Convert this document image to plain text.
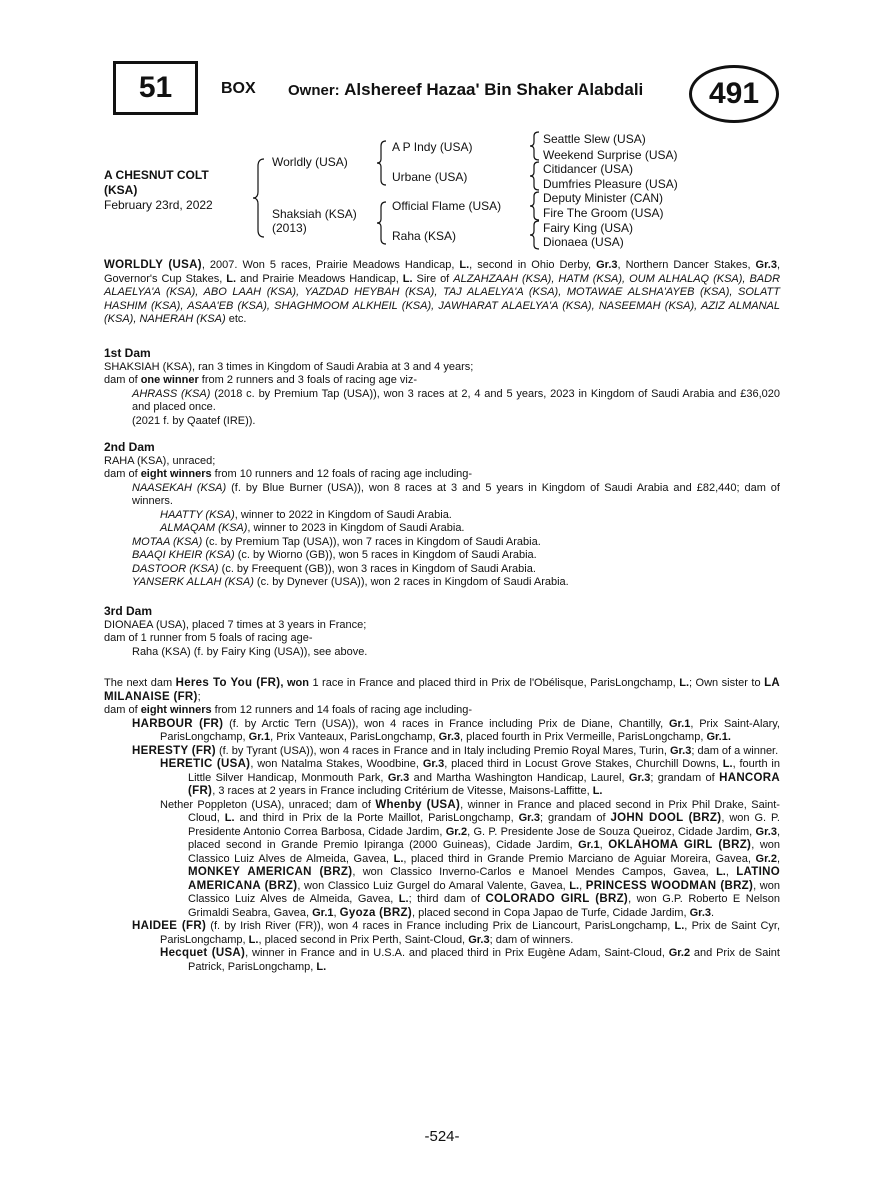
51	BOX Owner: Alshereef Hazaa' Bin Shaker Alabdali 491
A CHESNUT COLT
(KSA)
February 23rd, 2022
Worldly (USA)
Shaksiah (KSA)
(2013)
A P Indy (USA)
Urbane (USA)
Official Flame (USA)
Raha (KSA)
Seattle Slew (USA)
Weekend Surprise (USA)
Citidancer (USA)
Dumfries Pleasure (USA)
Deputy Minister (CAN)
Fire The Groom (USA)
Fairy King (USA)
Dionaea (USA)

WORLDLY (USA), 2007. Won 5 races, Prairie Meadows Handicap, L., second in Ohio Derby, Gr.3, Northern Dancer Stakes, Gr.3, Governor's Cup Stakes, L. and Prairie Meadows Handicap, L. Sire of ALZAHZAAH (KSA), HATM (KSA), OUM ALHALAQ (KSA), BADR ALAELYA'A (KSA), ABO LAAH (KSA), YAZDAD HEYBAH (KSA), TAJ ALAELYA'A (KSA), MOTAWAE ALSHA'AYEB (KSA), SOLATT HASHIM (KSA), ASAA'EB (KSA), SHAGHMOOM ALKHEIL (KSA), JAWHARAT ALAELYA'A (KSA), NASEEMAH (KSA), AZIZ ALMANAL (KSA), NAHERAH (KSA) etc.

1st Dam

SHAKSIAH (KSA), ran 3 times in Kingdom of Saudi Arabia at 3 and 4 years;

dam of one winner from 2 runners and 3 foals of racing age viz-

AHRASS (KSA) (2018 c. by Premium Tap (USA)), won 3 races at 2, 4 and 5 years, 2023 in Kingdom of Saudi Arabia and £36,020 and placed once.

(2021 f. by Qaatef (IRE)).

2nd Dam

RAHA (KSA), unraced;

dam of eight winners from 10 runners and 12 foals of racing age including-

NAASEKAH (KSA) (f. by Blue Burner (USA)), won 8 races at 3 and 5 years in Kingdom of Saudi Arabia and £82,440; dam of winners.

HAATTY (KSA), winner to 2022 in Kingdom of Saudi Arabia.

ALMAQAM (KSA), winner to 2023 in Kingdom of Saudi Arabia.

MOTAA (KSA) (c. by Premium Tap (USA)), won 7 races in Kingdom of Saudi Arabia.

BAAQI KHEIR (KSA) (c. by Wiorno (GB)), won 5 races in Kingdom of Saudi Arabia.

DASTOOR (KSA) (c. by Freequent (GB)), won 3 races in Kingdom of Saudi Arabia.

YANSERK ALLAH (KSA) (c. by Dynever (USA)), won 2 races in Kingdom of Saudi Arabia.

3rd Dam

DIONAEA (USA), placed 7 times at 3 years in France;

dam of 1 runner from 5 foals of racing age-

Raha (KSA) (f. by Fairy King (USA)), see above.

The next dam Heres To You (FR), won 1 race in France and placed third in Prix de l'Obélisque, ParisLongchamp, L.; Own sister to LA MILANAISE (FR);

dam of eight winners from 12 runners and 14 foals of racing age including-

HARBOUR (FR) (f. by Arctic Tern (USA)), won 4 races in France including Prix de Diane, Chantilly, Gr.1, Prix Saint-Alary, ParisLongchamp, Gr.1, Prix Vanteaux, ParisLongchamp, Gr.3, placed fourth in Prix Vermeille, ParisLongchamp, Gr.1.

HERESTY (FR) (f. by Tyrant (USA)), won 4 races in France and in Italy including Premio Royal Mares, Turin, Gr.3; dam of a winner.

HERETIC (USA), won Natalma Stakes, Woodbine, Gr.3, placed third in Locust Grove Stakes, Churchill Downs, L., fourth in Little Silver Handicap, Monmouth Park, Gr.3 and Martha Washington Handicap, Laurel, Gr.3; grandam of HANCORA (FR), 3 races at 2 years in France including Critérium de Vitesse, Maisons-Laffitte, L.

Nether Poppleton (USA), unraced; dam of Whenby (USA), winner in France and placed second in Prix Phil Drake, Saint-Cloud, L. and third in Prix de la Porte Maillot, ParisLongchamp, Gr.3; grandam of JOHN DOOL (BRZ), won G. P. Presidente Antonio Correa Barbosa, Cidade Jardim, Gr.2, G. P. Presidente Jose de Souza Queiroz, Cidade Jardim, Gr.3, placed second in Grande Premio Ipiranga (2000 Guineas), Cidade Jardim, Gr.1, OKLAHOMA GIRL (BRZ), won Classico Luiz Alves de Almeida, Gavea, L., placed third in Grande Premio Marciano de Aguiar Moreira, Gavea, Gr.2, MONKEY AMERICAN (BRZ), won Classico Inverno-Carlos e Manoel Mendes Campos, Gavea, L., LATINO AMERICANA (BRZ), won Classico Luiz Gurgel do Amaral Valente, Gavea, L., PRINCESS WOODMAN (BRZ), won Classico Luiz Alves de Almeida, Gavea, L.; third dam of COLORADO GIRL (BRZ), won G.P. Roberto E Nelson Grimaldi Seabra, Gavea, Gr.1, Gyoza (BRZ), placed second in Copa Japao de Turfe, Cidade Jardim, Gr.3.

HAIDEE (FR) (f. by Irish River (FR)), won 4 races in France including Prix de Liancourt, ParisLongchamp, L., Prix de Saint Cyr, ParisLongchamp, L., placed second in Prix Perth, Saint-Cloud, Gr.3; dam of winners.

Hecquet (USA), winner in France and in U.S.A. and placed third in Prix Eugène Adam, Saint-Cloud, Gr.2 and Prix de Saint Patrick, ParisLongchamp, L.

-524-
